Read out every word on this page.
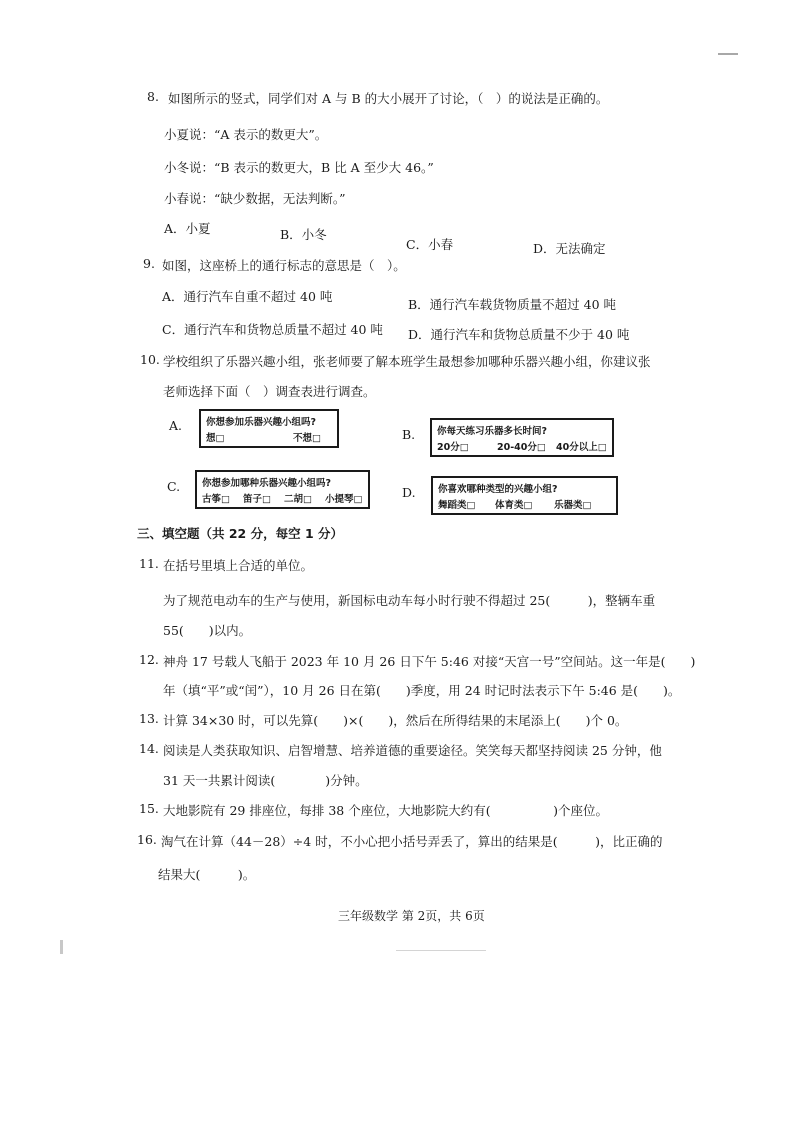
8. 如图所示的竖式，同学们对 A 与 B 的大小展开了讨论，（　）的说法是正确的。
小夏说：“A 表示的数更大”。
小冬说：“B 表示的数更大，B 比 A 至少大 46。”
小春说：“缺少数据，无法判断。”
A．小夏	B．小冬
C．小春	D．无法确定
9. 如图，这座桥上的通行标志的意思是（　）。
A．通行汽车自重不超过 40 吨
B．通行汽车载货物质量不超过 40 吨
C．通行汽车和货物总质量不超过 40 吨 D．通行汽车和货物总质量不少于 40 吨
10. 学校组织了乐器兴趣小组，张老师要了解本班学生最想参加哪种乐器兴趣小组，你建议张
老师选择下面（　）调查表进行调查。
A.	你想参加乐器兴趣小组吗?
想□	不想□	B. 你每天练习乐器多长时间?
20分□	20-40分□ 40分以上□
C. 你想参加哪种乐器兴趣小组吗?
古筝□ 笛子□ 二胡□ 小提琴□	D. 你喜欢哪种类型的兴趣小组?
舞蹈类□ 体育类□ 乐器类□
三、填空题（共 22 分，每空 1 分）
11. 在括号里填上合适的单位。
为了规范电动车的生产与使用，新国标电动车每小时行驶不得超过 25(　　　)，整辆车重
55(　　)以内。
12. 神舟 17 号载人飞船于 2023 年 10 月 26 日下午 5:46 对接“天宫一号”空间站。这一年是(　　)
年（填“平”或“闰”），10 月 26 日在第(　　)季度，用 24 时记时法表示下午 5:46 是(　　)。
13. 计算 34×30 时，可以先算(　　)×(　　)，然后在所得结果的末尾添上(　　)个 0。
14. 阅读是人类获取知识、启智增慧、培养道德的重要途径。笑笑每天都坚持阅读 25 分钟，他
31 天一共累计阅读(　　　　)分钟。
15. 大地影院有 29 排座位，每排 38 个座位，大地影院大约有(　　　　　)个座位。
16. 淘气在计算（44－28）÷4 时，不小心把小括号弄丢了，算出的结果是(　　　)，比正确的
结果大(　　　)。
三年级数学 第 2页，共 6页
